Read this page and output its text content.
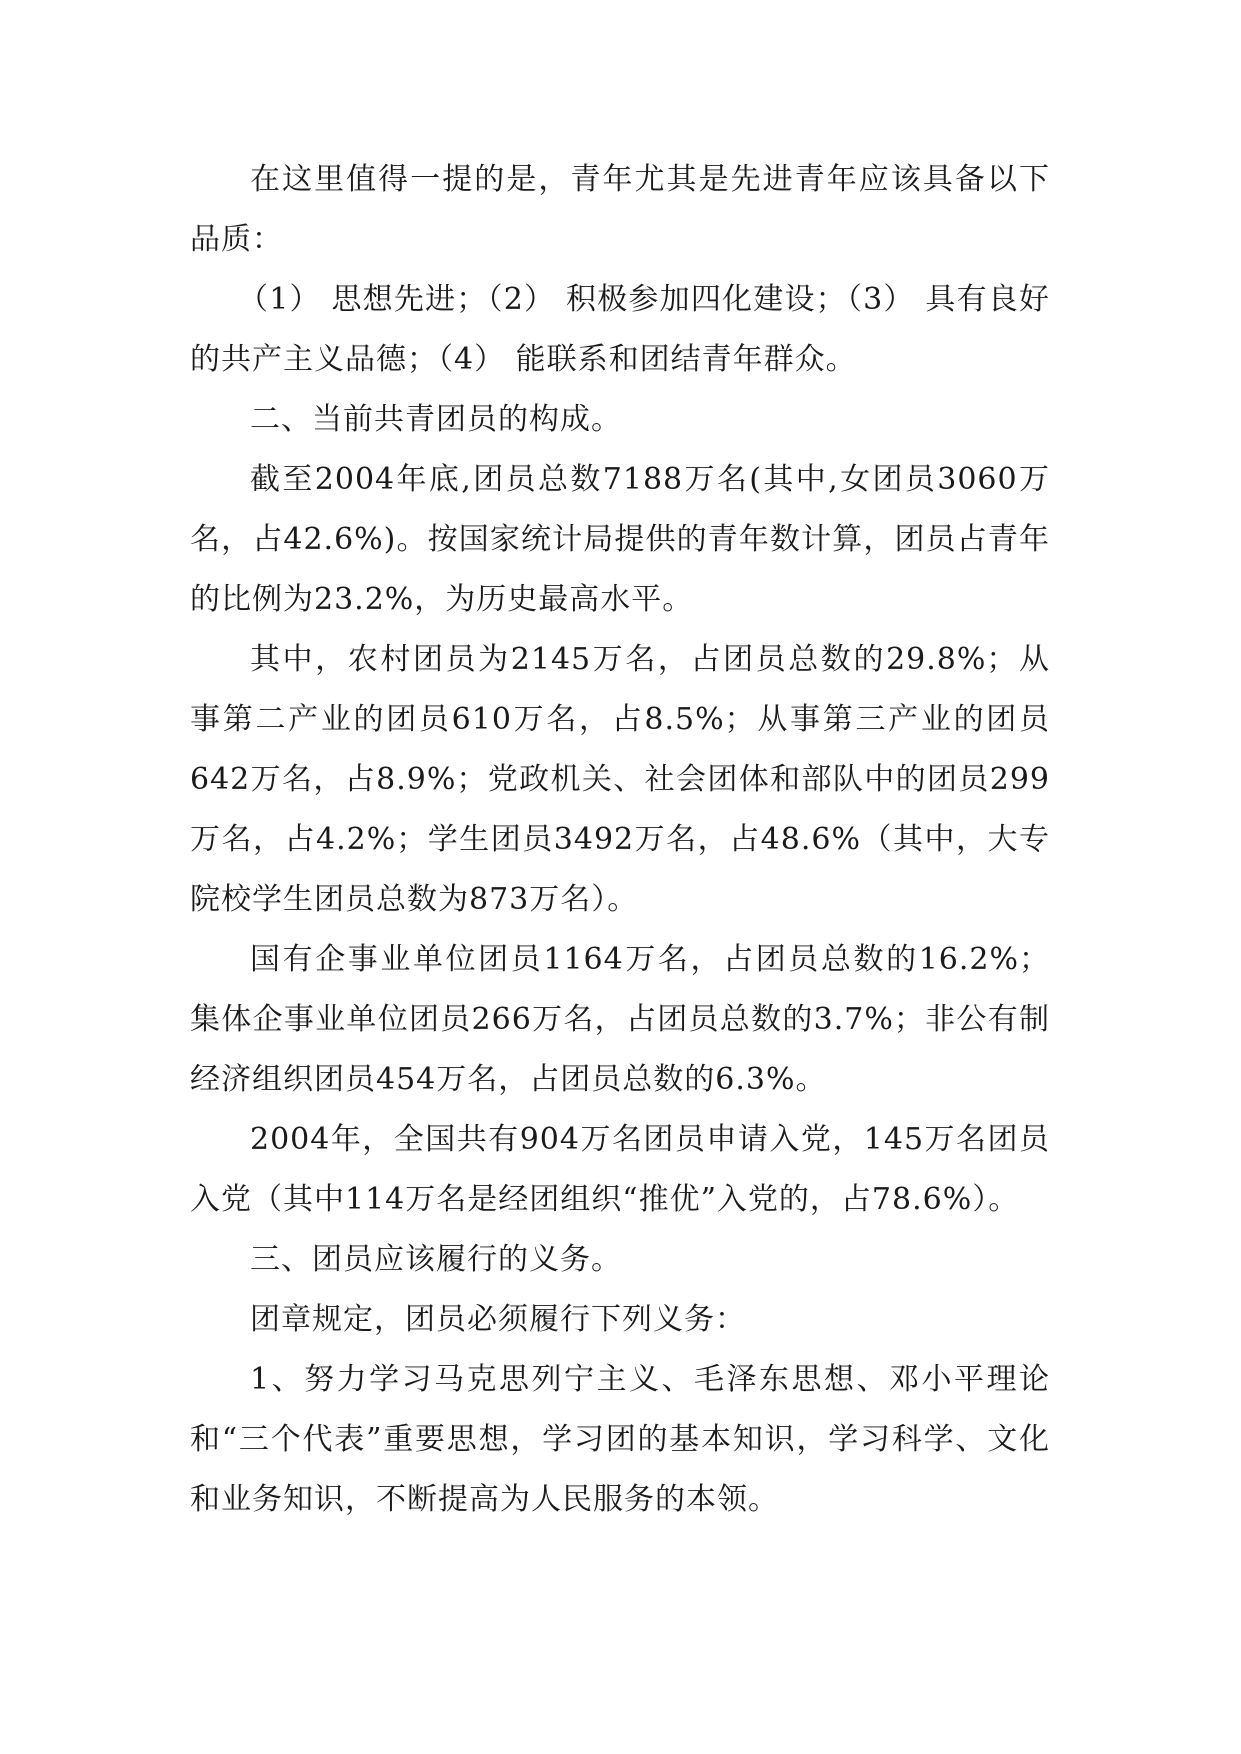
在这里值得一提的是，青年尤其是先进青年应该具备以下品质：

（1） 思想先进；（2） 积极参加四化建设；（3） 具有良好的共产主义品德；（4） 能联系和团结青年群众。

二、当前共青团员的构成。

截至2004年底,团员总数7188万名(其中,女团员3060万名，占42.6%)。按国家统计局提供的青年数计算，团员占青年的比例为23.2%，为历史最高水平。

其中，农村团员为2145万名，占团员总数的29.8%；从事第二产业的团员610万名，占8.5%；从事第三产业的团员642万名，占8.9%；党政机关、社会团体和部队中的团员299万名，占4.2%；学生团员3492万名，占48.6%（其中，大专院校学生团员总数为873万名）。

国有企事业单位团员1164万名，占团员总数的16.2%；集体企事业单位团员266万名，占团员总数的3.7%；非公有制经济组织团员454万名，占团员总数的6.3%。

2004年，全国共有904万名团员申请入党，145万名团员入党（其中114万名是经团组织“推优”入党的，占78.6%）。

三、团员应该履行的义务。

团章规定，团员必须履行下列义务：

1、努力学习马克思列宁主义、毛泽东思想、邓小平理论和“三个代表”重要思想，学习团的基本知识，学习科学、文化和业务知识，不断提高为人民服务的本领。
